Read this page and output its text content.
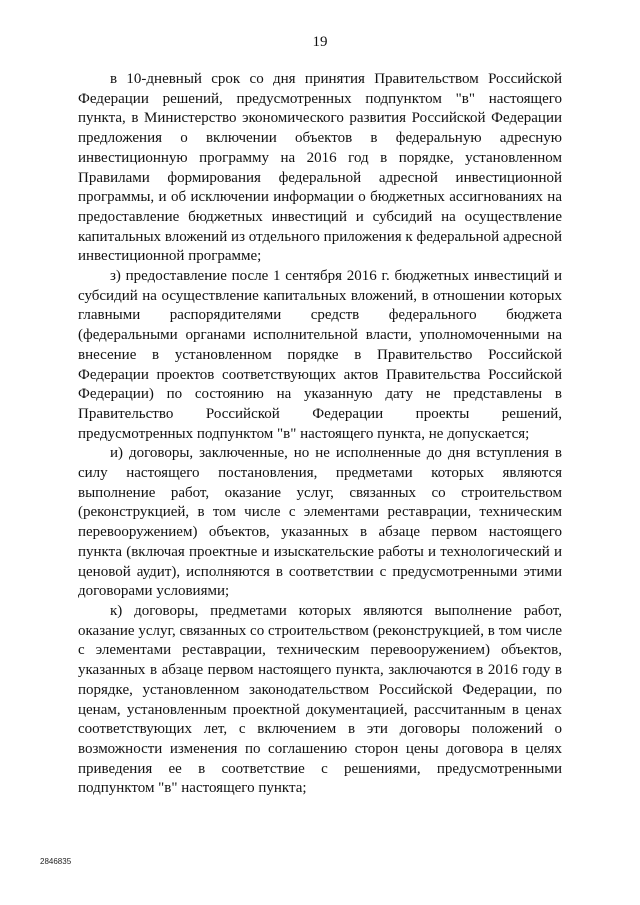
19

в 10-дневный срок со дня принятия Правительством Российской Федерации решений, предусмотренных подпунктом "в" настоящего пункта, в Министерство экономического развития Российской Федерации предложения о включении объектов в федеральную адресную инвестиционную программу на 2016 год в порядке, установленном Правилами формирования федеральной адресной инвестиционной программы, и об исключении информации о бюджетных ассигнованиях на предоставление бюджетных инвестиций и субсидий на осуществление капитальных вложений из отдельного приложения к федеральной адресной инвестиционной программе;

з) предоставление после 1 сентября 2016 г. бюджетных инвестиций и субсидий на осуществление капитальных вложений, в отношении которых главными распорядителями средств федерального бюджета (федеральными органами исполнительной власти, уполномоченными на внесение в установленном порядке в Правительство Российской Федерации проектов соответствующих актов Правительства Российской Федерации) по состоянию на указанную дату не представлены в Правительство Российской Федерации проекты решений, предусмотренных подпунктом "в" настоящего пункта, не допускается;

и) договоры, заключенные, но не исполненные до дня вступления в силу настоящего постановления, предметами которых являются выполнение работ, оказание услуг, связанных со строительством (реконструкцией, в том числе с элементами реставрации, техническим перевооружением) объектов, указанных в абзаце первом настоящего пункта (включая проектные и изыскательские работы и технологический и ценовой аудит), исполняются в соответствии с предусмотренными этими договорами условиями;

к) договоры, предметами которых являются выполнение работ, оказание услуг, связанных со строительством (реконструкцией, в том числе с элементами реставрации, техническим перевооружением) объектов, указанных в абзаце первом настоящего пункта, заключаются в 2016 году в порядке, установленном законодательством Российской Федерации, по ценам, установленным проектной документацией, рассчитанным в ценах соответствующих лет, с включением в эти договоры положений о возможности изменения по соглашению сторон цены договора в целях приведения ее в соответствие с решениями, предусмотренными подпунктом "в" настоящего пункта;

2846835
